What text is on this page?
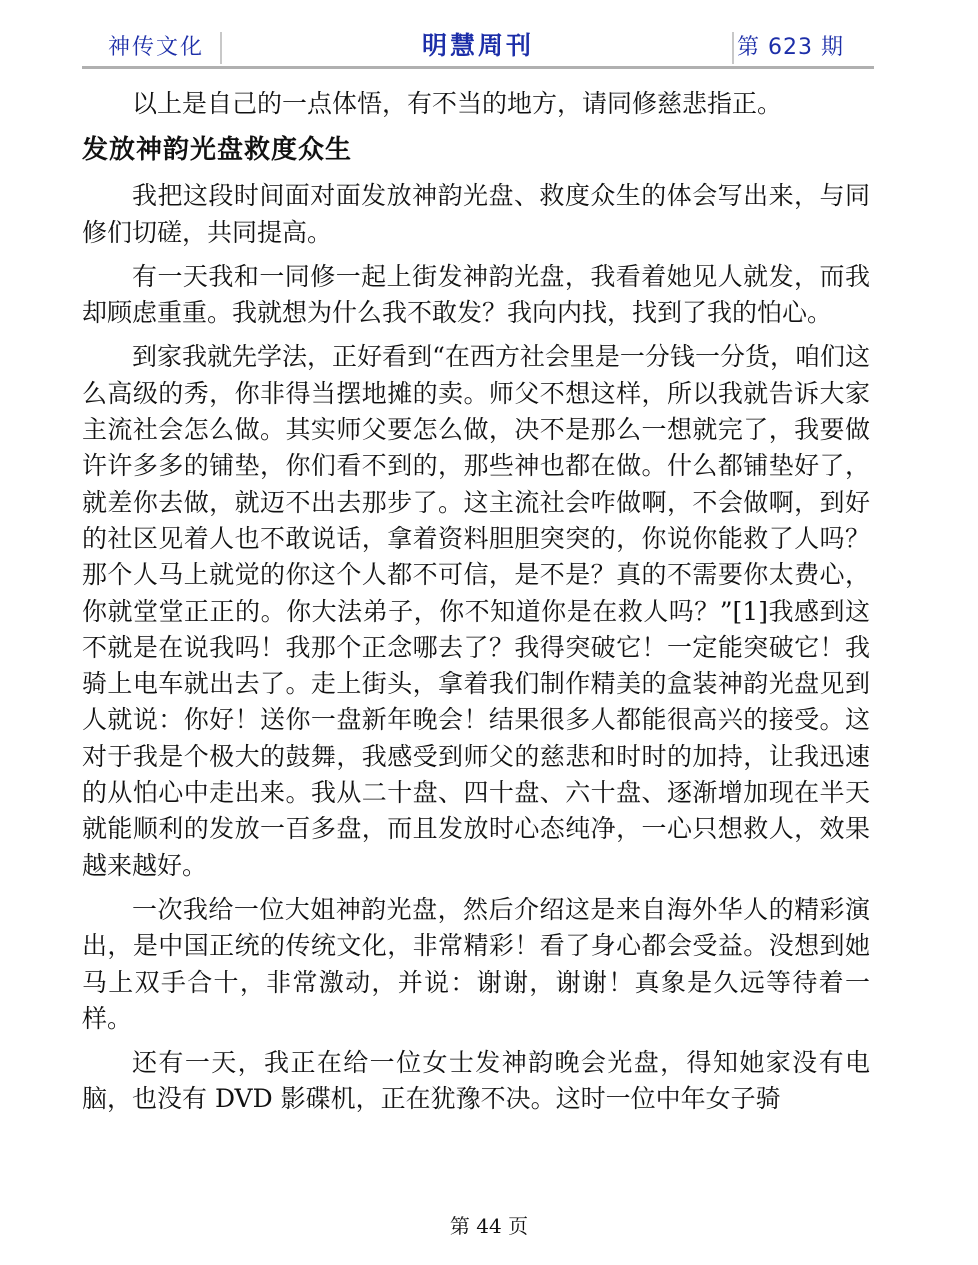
神传文化	明慧周刊	第 623 期

以上是自己的一点体悟，有不当的地方，请同修慈悲指正。

发放神韵光盘救度众生

我把这段时间面对面发放神韵光盘、救度众生的体会写出来，与同修们切磋，共同提高。

有一天我和一同修一起上街发神韵光盘，我看着她见人就发，而我却顾虑重重。我就想为什么我不敢发？我向内找，找到了我的怕心。

到家我就先学法，正好看到“在西方社会里是一分钱一分货，咱们这么高级的秀，你非得当摆地摊的卖。师父不想这样，所以我就告诉大家主流社会怎么做。其实师父要怎么做，决不是那么一想就完了，我要做许许多多的铺垫，你们看不到的，那些神也都在做。什么都铺垫好了，就差你去做，就迈不出去那步了。这主流社会咋做啊，不会做啊，到好的社区见着人也不敢说话，拿着资料胆胆突突的，你说你能救了人吗？那个人马上就觉的你这个人都不可信，是不是？真的不需要你太费心，你就堂堂正正的。你大法弟子，你不知道你是在救人吗？”[1]我感到这不就是在说我吗！我那个正念哪去了？我得突破它！一定能突破它！我骑上电车就出去了。走上街头，拿着我们制作精美的盒装神韵光盘见到人就说：你好！送你一盘新年晚会！结果很多人都能很高兴的接受。这对于我是个极大的鼓舞，我感受到师父的慈悲和时时的加持，让我迅速的从怕心中走出来。我从二十盘、四十盘、六十盘、逐渐增加现在半天就能顺利的发放一百多盘，而且发放时心态纯净，一心只想救人，效果越来越好。

一次我给一位大姐神韵光盘，然后介绍这是来自海外华人的精彩演出，是中国正统的传统文化，非常精彩！看了身心都会受益。没想到她马上双手合十，非常激动，并说：谢谢，谢谢！真象是久远等待着一样。

还有一天，我正在给一位女士发神韵晚会光盘，得知她家没有电脑，也没有 DVD 影碟机，正在犹豫不决。这时一位中年女子骑

第 44 页
